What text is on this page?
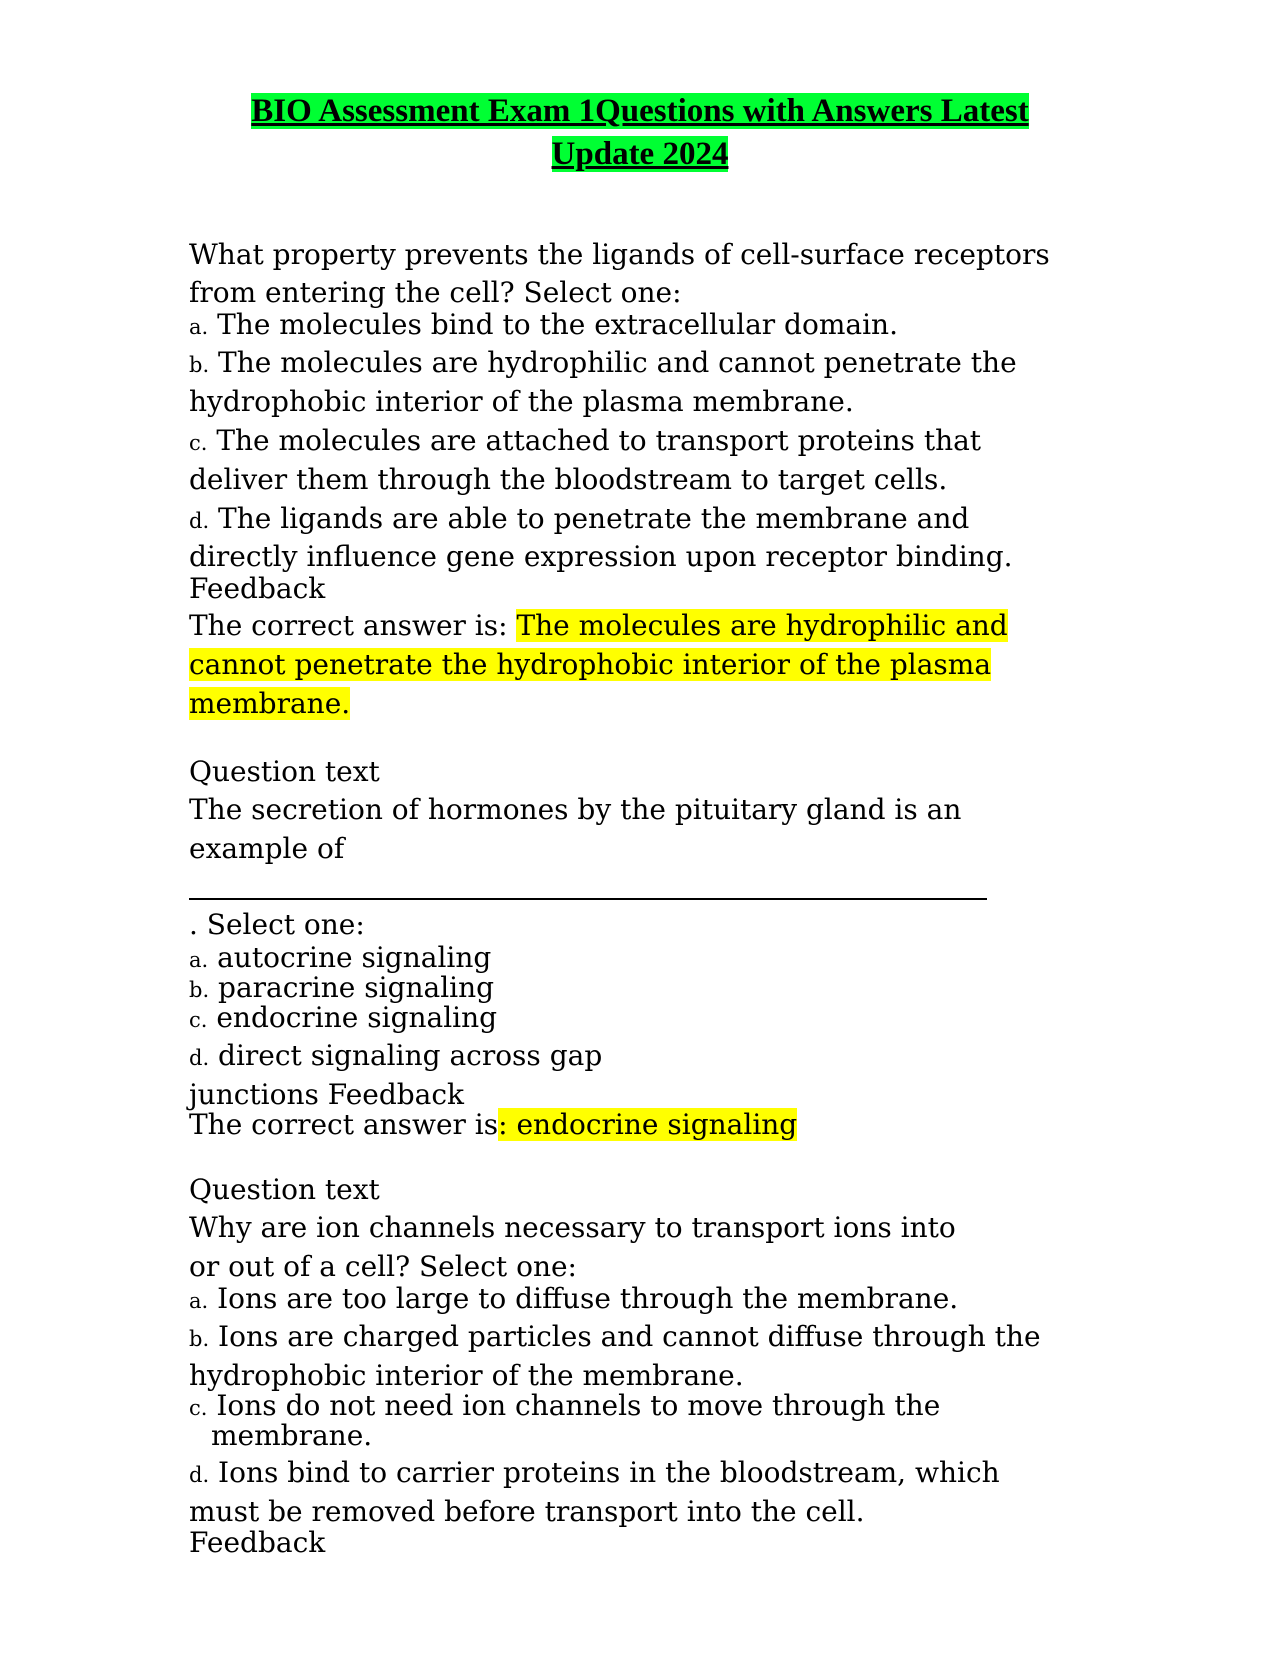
BIO Assessment Exam 1Questions with Answers Latest
Update 2024
What property prevents the ligands of cell-surface receptors
from entering the cell? Select one:
a. The molecules bind to the extracellular domain.
b. The molecules are hydrophilic and cannot penetrate the
hydrophobic interior of the plasma membrane.
c. The molecules are attached to transport proteins that
deliver them through the bloodstream to target cells.
d. The ligands are able to penetrate the membrane and
directly influence gene expression upon receptor binding.
Feedback
The correct answer is: The molecules are hydrophilic and
cannot penetrate the hydrophobic interior of the plasma
membrane.
Question text
The secretion of hormones by the pituitary gland is an
example of
. Select one:
a. autocrine signaling
b. paracrine signaling
c. endocrine signaling
d. direct signaling across gap
junctions Feedback
The correct answer is: endocrine signaling
Question text
Why are ion channels necessary to transport ions into
or out of a cell? Select one:
a. Ions are too large to diffuse through the membrane.
b. Ions are charged particles and cannot diffuse through the
hydrophobic interior of the membrane.
c. Ions do not need ion channels to move through the
membrane.
d. Ions bind to carrier proteins in the bloodstream, which
must be removed before transport into the cell.
Feedback
